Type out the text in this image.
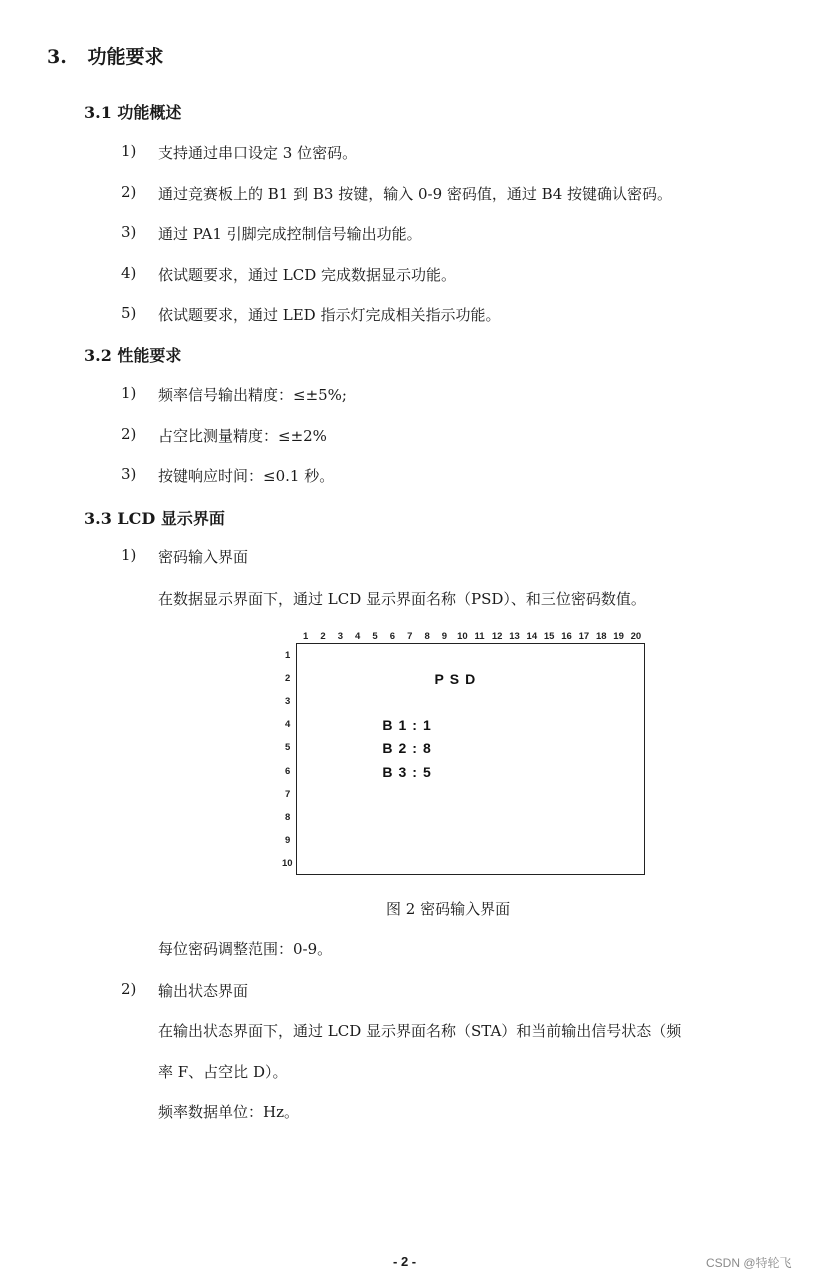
3. 功能要求
3.1 功能概述
1) 支持通过串口设定 3 位密码。
2) 通过竞赛板上的 B1 到 B3 按键，输入 0-9 密码值，通过 B4 按键确认密码。
3) 通过 PA1 引脚完成控制信号输出功能。
4) 依试题要求，通过 LCD 完成数据显示功能。
5) 依试题要求，通过 LED 指示灯完成相关指示功能。
3.2 性能要求
1) 频率信号输出精度：≤±5%;
2) 占空比测量精度：≤±2%
3) 按键响应时间：≤0.1 秒。
3.3 LCD 显示界面
1) 密码输入界面
在数据显示界面下，通过 LCD 显示界面名称（PSD）、和三位密码数值。
1 2 3 4 5 6 7 8 9 10 11 12 13 14 15 16 17 18 19 20
1
2
3
4
5
6
7
8
9
10
PSD
B1:1
B2:8
B3:5
图 2 密码输入界面
每位密码调整范围：0-9。
2) 输出状态界面
在输出状态界面下，通过 LCD 显示界面名称（STA）和当前输出信号状态（频
率 F、占空比 D）。
频率数据单位：Hz。
- 2 -	CSDN @特轮飞
